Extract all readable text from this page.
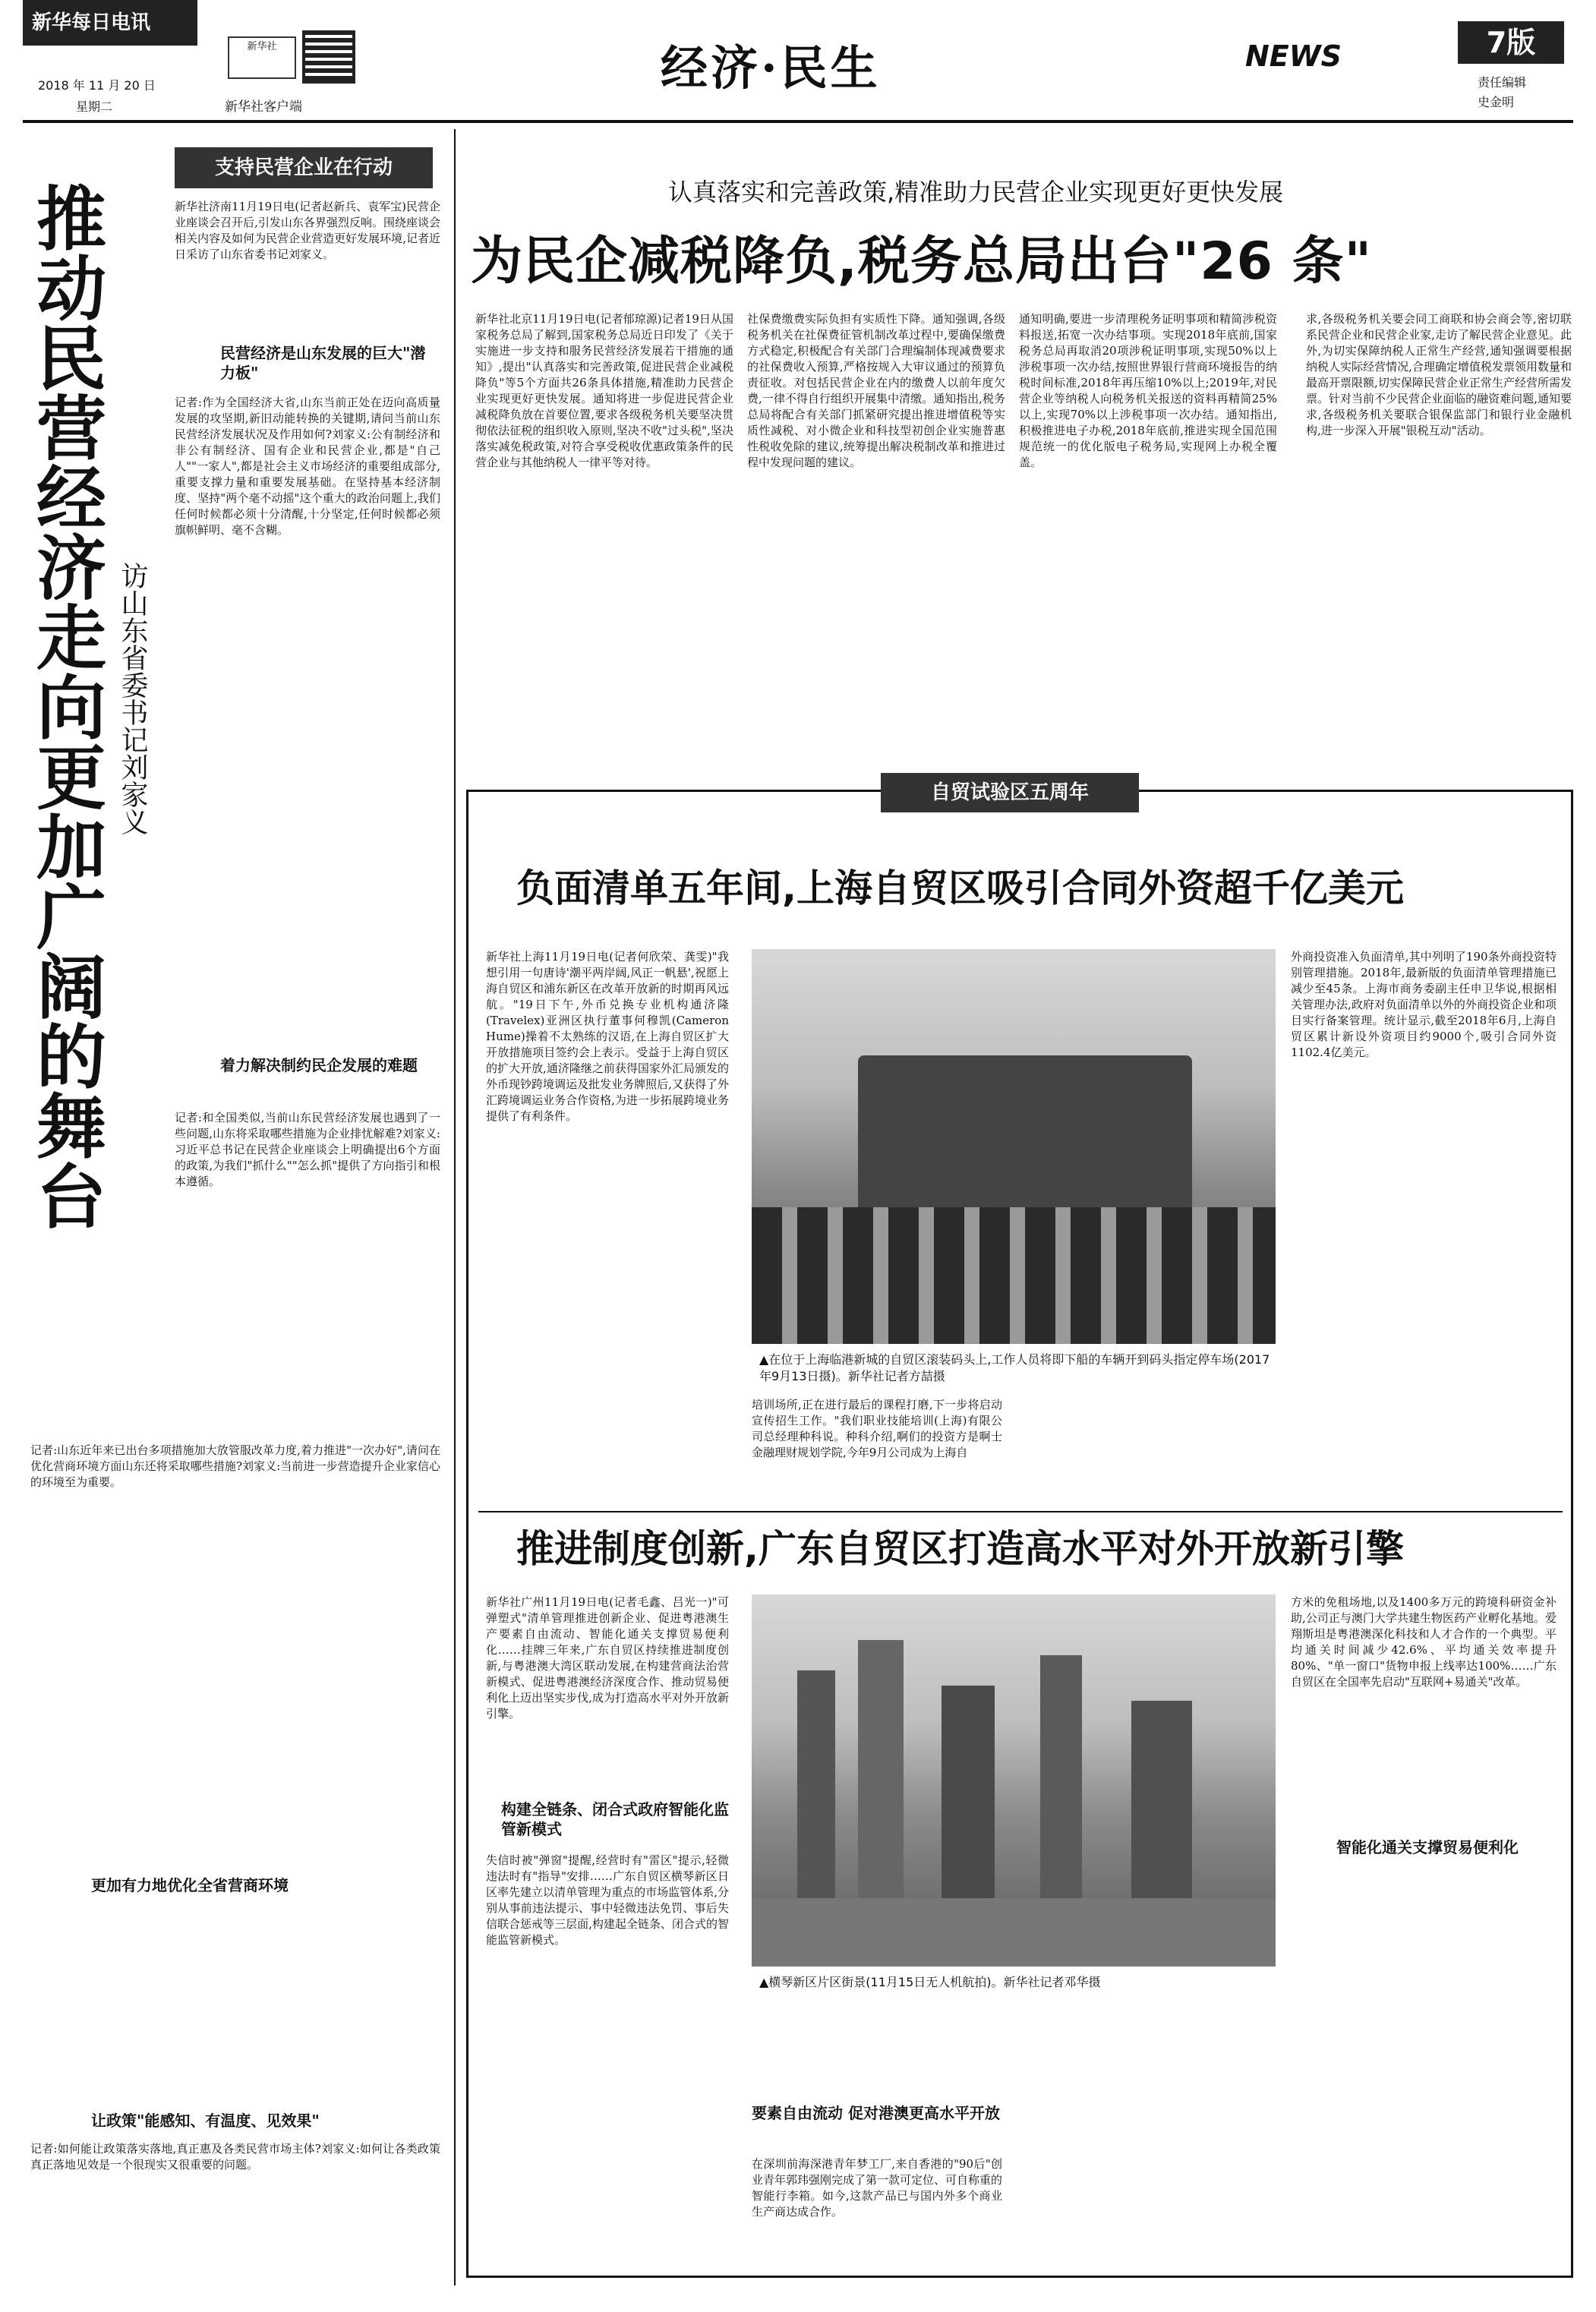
新华每日电讯
2018 年 11 月 20 日
星期二
新华社
新华社客户端
经济·民生	NEWS	7版
责任编辑
史金明
支持民营企业在行动
推动民营经济走向更加广阔的舞台 访山东省委书记刘家义
新华社济南11月19日电(记者赵新兵、袁军宝)民营企业座谈会召开后,引发山东各界强烈反响。围绕座谈会相关内容及如何为民营企业营造更好发展环境,记者近日采访了山东省委书记刘家义。
民营经济是山东发展的巨大"潜力板"
记者:作为全国经济大省,山东当前正处在迈向高质量发展的攻坚期,新旧动能转换的关键期,请问当前山东民营经济发展状况及作用如何?刘家义:公有制经济和非公有制经济、国有企业和民营企业,都是"自己人""一家人",都是社会主义市场经济的重要组成部分,重要支撑力量和重要发展基础。在坚持基本经济制度、坚持"两个毫不动摇"这个重大的政治问题上,我们任何时候都必须十分清醒,十分坚定,任何时候都必须旗帜鲜明、毫不含糊。
着力解决制约民企发展的难题
记者:和全国类似,当前山东民营经济发展也遇到了一些问题,山东将采取哪些措施为企业排忧解难?刘家义:习近平总书记在民营企业座谈会上明确提出6个方面的政策,为我们"抓什么""怎么抓"提供了方向指引和根本遵循。
记者:山东近年来已出台多项措施加大放管服改革力度,着力推进"一次办好",请问在优化营商环境方面山东还将采取哪些措施?刘家义:当前进一步营造提升企业家信心的环境至为重要。
更加有力地优化全省营商环境
让政策"能感知、有温度、见效果"
记者:如何能让政策落实落地,真正惠及各类民营市场主体?刘家义:如何让各类政策真正落地见效是一个很现实又很重要的问题。
认真落实和完善政策,精准助力民营企业实现更好更快发展
为民企减税降负,税务总局出台"26 条"
新华社北京11月19日电(记者郁琼源)记者19日从国家税务总局了解到,国家税务总局近日印发了《关于实施进一步支持和服务民营经济发展若干措施的通知》,提出"认真落实和完善政策,促进民营企业减税降负"等5个方面共26条具体措施,精准助力民营企业实现更好更快发展。通知将进一步促进民营企业减税降负放在首要位置,要求各级税务机关要坚决贯彻依法征税的组织收入原则,坚决不收"过头税",坚决落实减免税政策,对符合享受税收优惠政策条件的民营企业与其他纳税人一律平等对待。
社保费缴费实际负担有实质性下降。通知强调,各级税务机关在社保费征管机制改革过程中,要确保缴费方式稳定,积极配合有关部门合理编制体现减费要求的社保费收入预算,严格按规入大审议通过的预算负责征收。对包括民营企业在内的缴费人以前年度欠费,一律不得自行组织开展集中清缴。通知指出,税务总局将配合有关部门抓紧研究提出推进增值税等实质性减税、对小微企业和科技型初创企业实施普惠性税收免除的建议,统筹提出解决税制改革和推进过程中发现问题的建议。
通知明确,要进一步清理税务证明事项和精简涉税资料报送,拓宽一次办结事项。实现2018年底前,国家税务总局再取消20项涉税证明事项,实现50%以上涉税事项一次办结,按照世界银行营商环境报告的纳税时间标准,2018年再压缩10%以上;2019年,对民营企业等纳税人向税务机关报送的资料再精简25%以上,实现70%以上涉税事项一次办结。通知指出,积极推进电子办税,2018年底前,推进实现全国范围规范统一的优化版电子税务局,实现网上办税全覆盖。
求,各级税务机关要会同工商联和协会商会等,密切联系民营企业和民营企业家,走访了解民营企业意见。此外,为切实保障纳税人正常生产经营,通知强调要根据纳税人实际经营情况,合理确定增值税发票领用数量和最高开票限额,切实保障民营企业正常生产经营所需发票。针对当前不少民营企业面临的融资难问题,通知要求,各级税务机关要联合银保监部门和银行业金融机构,进一步深入开展"银税互动"活动。
自贸试验区五周年
负面清单五年间,上海自贸区吸引合同外资超千亿美元
新华社上海11月19日电(记者何欣荣、龚雯)"我想引用一句唐诗'潮平两岸阔,风正一帆悬',祝愿上海自贸区和浦东新区在改革开放新的时期再风远航。"19日下午,外币兑换专业机构通济隆(Travelex)亚洲区执行董事何穆凯(Cameron Hume)操着不太熟练的汉语,在上海自贸区扩大开放措施项目签约会上表示。受益于上海自贸区的扩大开放,通济隆继之前获得国家外汇局颁发的外币现钞跨境调运及批发业务牌照后,又获得了外汇跨境调运业务合作资格,为进一步拓展跨境业务提供了有利条件。
▲在位于上海临港新城的自贸区滚装码头上,工作人员将即下船的车辆开到码头指定停车场(2017年9月13日摄)。新华社记者方喆摄
培训场所,正在进行最后的课程打磨,下一步将启动宣传招生工作。"我们职业技能培训(上海)有限公司总经理种科说。种科介绍,啊们的投资方是啊士金融理财规划学院,今年9月公司成为上海自
外商投资准入负面清单,其中列明了190条外商投资特别管理措施。2018年,最新版的负面清单管理措施已减少至45条。上海市商务委副主任申卫华说,根据相关管理办法,政府对负面清单以外的外商投资企业和项目实行备案管理。统计显示,截至2018年6月,上海自贸区累计新设外资项目约9000个,吸引合同外资1102.4亿美元。
推进制度创新,广东自贸区打造高水平对外开放新引擎
新华社广州11月19日电(记者毛鑫、吕光一)"可弹塑式"清单管理推进创新企业、促进粤港澳生产要素自由流动、智能化通关支撑贸易便利化……挂牌三年来,广东自贸区持续推进制度创新,与粤港澳大湾区联动发展,在构建营商法治营新模式、促进粤港澳经济深度合作、推动贸易便利化上迈出坚实步伐,成为打造高水平对外开放新引擎。
构建全链条、闭合式政府智能化监管新模式
失信时被"弹窗"提醒,经营时有"雷区"提示,轻微违法时有"指导"安排……广东自贸区横琴新区日区率先建立以清单管理为重点的市场监管体系,分别从事前违法提示、事中轻微违法免罚、事后失信联合惩戒等三层面,构建起全链条、闭合式的智能监管新模式。
▲横琴新区片区街景(11月15日无人机航拍)。新华社记者邓华摄
要素自由流动 促对港澳更高水平开放
在深圳前海深港青年梦工厂,来自香港的"90后"创业青年郭玮强刚完成了第一款可定位、可自称重的智能行李箱。如今,这款产品已与国内外多个商业生产商达成合作。
方米的免租场地,以及1400多万元的跨境科研资金补助,公司正与澳门大学共建生物医药产业孵化基地。爱翔斯坦是粤港澳深化科技和人才合作的一个典型。平均通关时间减少42.6%、平均通关效率提升80%、"单一窗口"货物申报上线率达100%……广东自贸区在全国率先启动"互联网+易通关"改革。
智能化通关支撑贸易便利化
